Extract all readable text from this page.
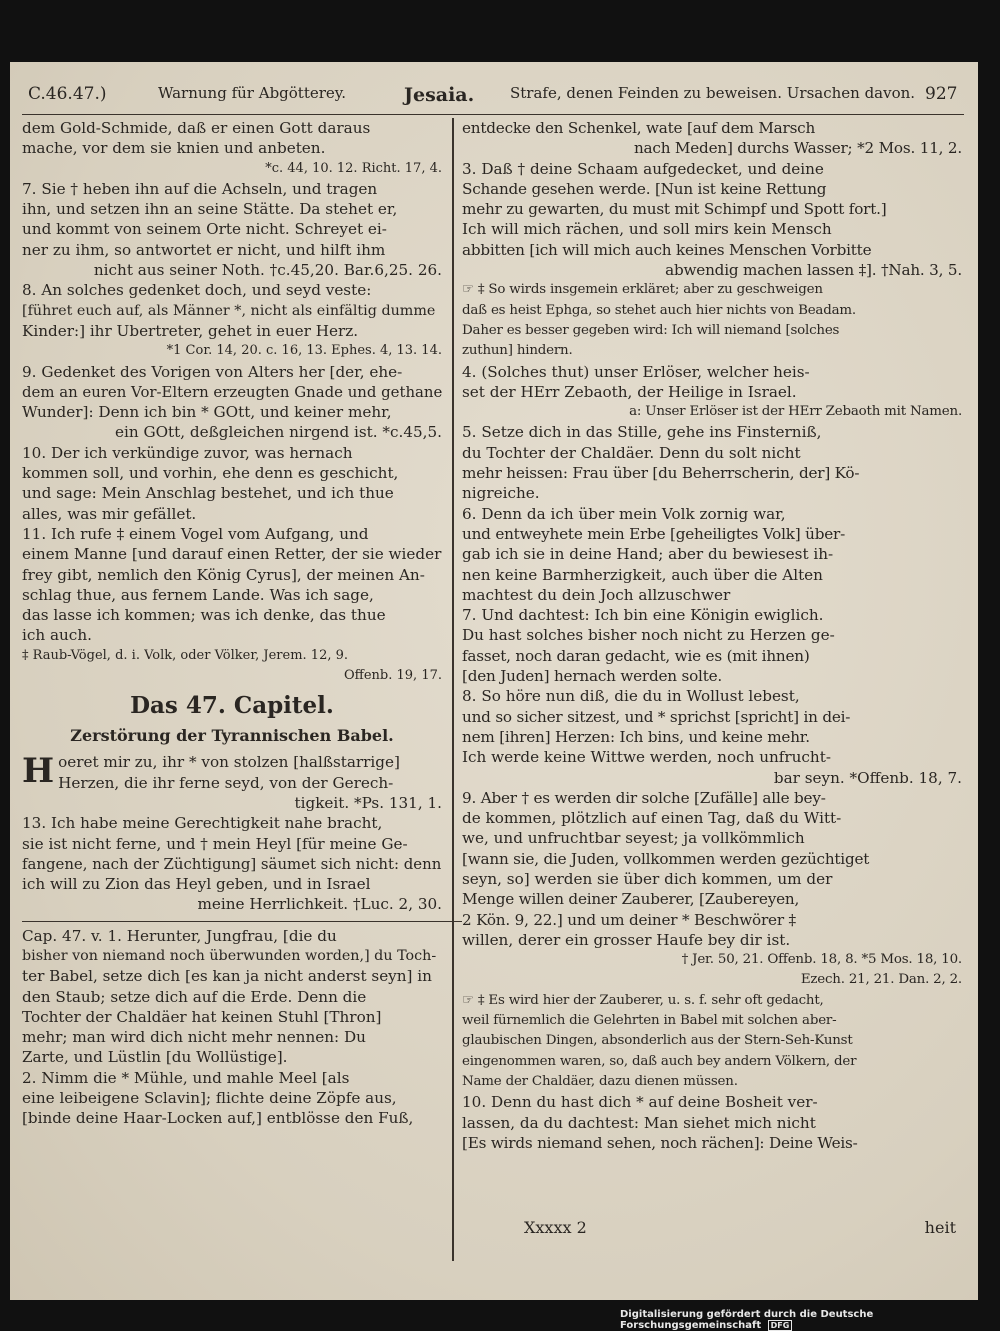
C.46.47.)	Warnung für Abgötterey.	Jesaia. Strafe, denen Feinden zu beweisen. Ursachen davon. 927

dem Gold-Schmide, daß er einen Gott daraus

mache, vor dem sie knien und anbeten.

*c. 44, 10. 12. Richt. 17, 4.

7. Sie † heben ihn auf die Achseln, und tragen

ihn, und setzen ihn an seine Stätte. Da stehet er,

und kommt von seinem Orte nicht. Schreyet ei-

ner zu ihm, so antwortet er nicht, und hilft ihm

nicht aus seiner Noth. †c.45,20. Bar.6,25. 26.

8. An solches gedenket doch, und seyd veste:

[führet euch auf, als Männer *, nicht als einfältig dumme

Kinder:] ihr Ubertreter, gehet in euer Herz.

*1 Cor. 14, 20. c. 16, 13. Ephes. 4, 13. 14.

9. Gedenket des Vorigen von Alters her [der, ehe-

dem an euren Vor-Eltern erzeugten Gnade und gethane

Wunder]: Denn ich bin * GOtt, und keiner mehr,

ein GOtt, deßgleichen nirgend ist. *c.45,5.

10. Der ich verkündige zuvor, was hernach

kommen soll, und vorhin, ehe denn es geschicht,

und sage: Mein Anschlag bestehet, und ich thue

alles, was mir gefället.

11. Ich rufe ‡ einem Vogel vom Aufgang, und

einem Manne [und darauf einen Retter, der sie wieder

frey gibt, nemlich den König Cyrus], der meinen An-

schlag thue, aus fernem Lande. Was ich sage,

das lasse ich kommen; was ich denke, das thue

ich auch.

‡ Raub-Vögel, d. i. Volk, oder Völker, Jerem. 12, 9.

Offenb. 19, 17.

Das 47. Capitel.
Zerstörung der Tyrannischen Babel.
H oeret mir zu, ihr * von stolzen [halßstarrige]

Herzen, die ihr ferne seyd, von der Gerech-

tigkeit. *Ps. 131, 1.

13. Ich habe meine Gerechtigkeit nahe bracht,

sie ist nicht ferne, und † mein Heyl [für meine Ge-

fangene, nach der Züchtigung] säumet sich nicht: denn

ich will zu Zion das Heyl geben, und in Israel

meine Herrlichkeit. †Luc. 2, 30.

Cap. 47. v. 1. Herunter, Jungfrau, [die du

bisher von niemand noch überwunden worden,] du Toch-

ter Babel, setze dich [es kan ja nicht anderst seyn] in

den Staub; setze dich auf die Erde. Denn die

Tochter der Chaldäer hat keinen Stuhl [Thron]

mehr; man wird dich nicht mehr nennen: Du

Zarte, und Lüstlin [du Wollüstige].

2. Nimm die * Mühle, und mahle Meel [als

eine leibeigene Sclavin]; flichte deine Zöpfe aus,

[binde deine Haar-Locken auf,] entblösse den Fuß,

entdecke den Schenkel, wate [auf dem Marsch

nach Meden] durchs Wasser; *2 Mos. 11, 2.

3. Daß † deine Schaam aufgedecket, und deine

Schande gesehen werde. [Nun ist keine Rettung

mehr zu gewarten, du must mit Schimpf und Spott fort.]

Ich will mich rächen, und soll mirs kein Mensch

abbitten [ich will mich auch keines Menschen Vorbitte

abwendig machen lassen ‡]. †Nah. 3, 5.

☞ ‡ So wirds insgemein erkläret; aber zu geschweigen

daß es heist Ephga, so stehet auch hier nichts von Beadam.

Daher es besser gegeben wird: Ich will niemand [solches

zuthun] hindern.

4. (Solches thut) unser Erlöser, welcher heis-

set der HErr Zebaoth, der Heilige in Israel.

a: Unser Erlöser ist der HErr Zebaoth mit Namen.

5. Setze dich in das Stille, gehe ins Finsterniß,

du Tochter der Chaldäer. Denn du solt nicht

mehr heissen: Frau über [du Beherrscherin, der] Kö-

nigreiche.

6. Denn da ich über mein Volk zornig war,

und entweyhete mein Erbe [geheiligtes Volk] über-

gab ich sie in deine Hand; aber du bewiesest ih-

nen keine Barmherzigkeit, auch über die Alten

machtest du dein Joch allzuschwer

7. Und dachtest: Ich bin eine Königin ewiglich.

Du hast solches bisher noch nicht zu Herzen ge-

fasset, noch daran gedacht, wie es (mit ihnen)

[den Juden] hernach werden solte.

8. So höre nun diß, die du in Wollust lebest,

und so sicher sitzest, und * sprichst [spricht] in dei-

nem [ihren] Herzen: Ich bins, und keine mehr.

Ich werde keine Wittwe werden, noch unfrucht-

bar seyn. *Offenb. 18, 7.

9. Aber † es werden dir solche [Zufälle] alle bey-

de kommen, plötzlich auf einen Tag, daß du Witt-

we, und unfruchtbar seyest; ja vollkömmlich

[wann sie, die Juden, vollkommen werden gezüchtiget

seyn, so] werden sie über dich kommen, um der

Menge willen deiner Zauberer, [Zaubereyen,

2 Kön. 9, 22.] und um deiner * Beschwörer ‡

willen, derer ein grosser Haufe bey dir ist.

† Jer. 50, 21. Offenb. 18, 8. *5 Mos. 18, 10.

Ezech. 21, 21. Dan. 2, 2.

☞ ‡ Es wird hier der Zauberer, u. s. f. sehr oft gedacht,

weil fürnemlich die Gelehrten in Babel mit solchen aber-

glaubischen Dingen, absonderlich aus der Stern-Seh-Kunst

eingenommen waren, so, daß auch bey andern Völkern, der

Name der Chaldäer, dazu dienen müssen.

10. Denn du hast dich * auf deine Bosheit ver-

lassen, da du dachtest: Man siehet mich nicht

[Es wirds niemand sehen, noch rächen]: Deine Weis-

Xxxxx 2	heit
Digitalisierung gefördert durch die Deutsche Forschungsgemeinschaft DFG
